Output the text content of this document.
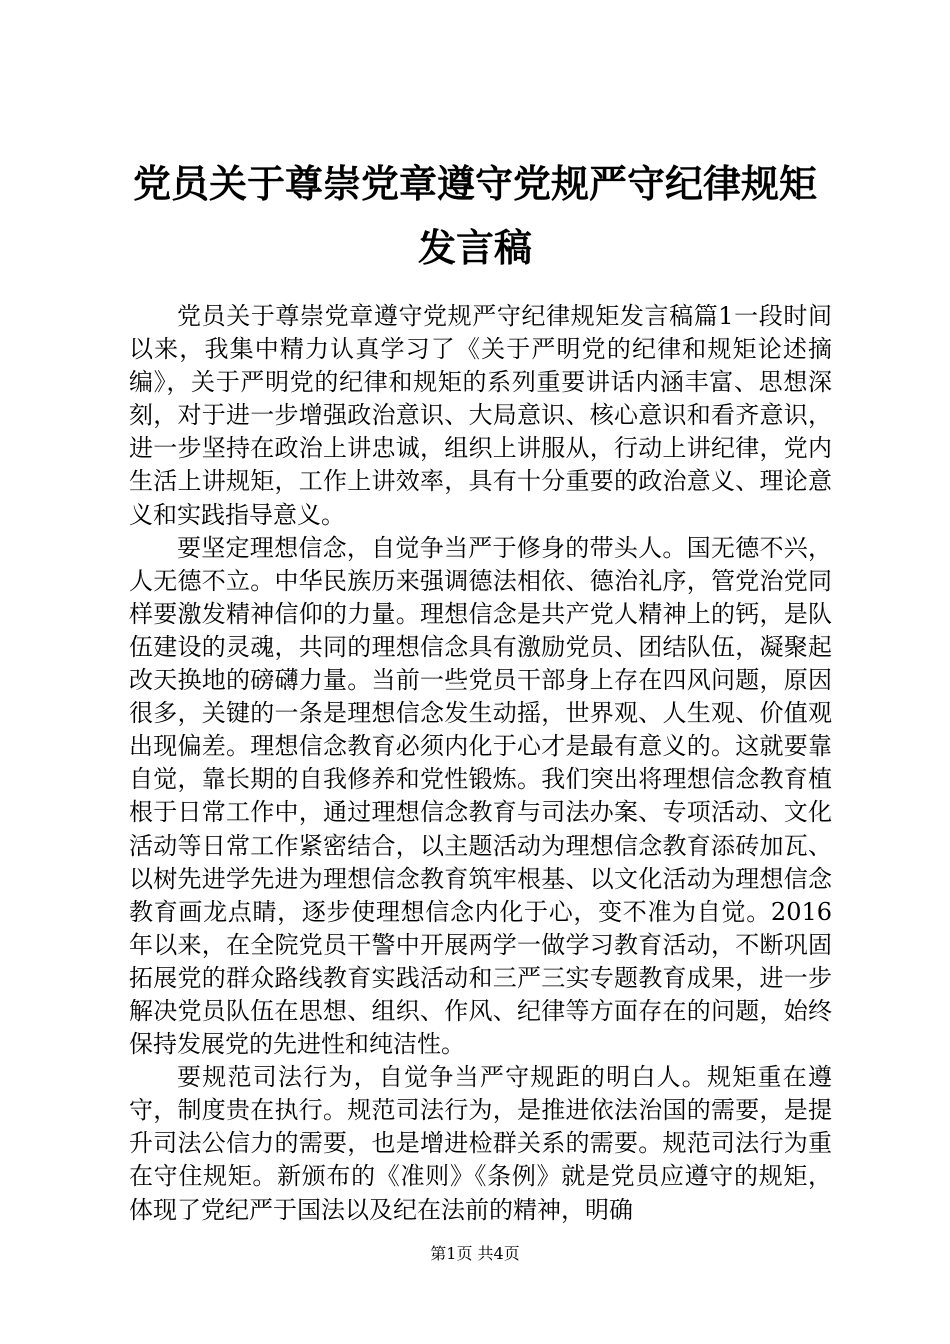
党员关于尊崇党章遵守党规严守纪律规矩发言稿

党员关于尊崇党章遵守党规严守纪律规矩发言稿篇1一段时间以来，我集中精力认真学习了《关于严明党的纪律和规矩论述摘编》，关于严明党的纪律和规矩的系列重要讲话内涵丰富、思想深刻，对于进一步增强政治意识、大局意识、核心意识和看齐意识，进一步坚持在政治上讲忠诚，组织上讲服从，行动上讲纪律，党内生活上讲规矩，工作上讲效率，具有十分重要的政治意义、理论意义和实践指导意义。

要坚定理想信念，自觉争当严于修身的带头人。国无德不兴，人无德不立。中华民族历来强调德法相依、德治礼序，管党治党同样要激发精神信仰的力量。理想信念是共产党人精神上的钙，是队伍建设的灵魂，共同的理想信念具有激励党员、团结队伍，凝聚起改天换地的磅礴力量。当前一些党员干部身上存在四风问题，原因很多，关键的一条是理想信念发生动摇，世界观、人生观、价值观出现偏差。理想信念教育必须内化于心才是最有意义的。这就要靠自觉，靠长期的自我修养和党性锻炼。我们突出将理想信念教育植根于日常工作中，通过理想信念教育与司法办案、专项活动、文化活动等日常工作紧密结合，以主题活动为理想信念教育添砖加瓦、以树先进学先进为理想信念教育筑牢根基、以文化活动为理想信念教育画龙点睛，逐步使理想信念内化于心，变不准为自觉。2016年以来，在全院党员干警中开展两学一做学习教育活动，不断巩固拓展党的群众路线教育实践活动和三严三实专题教育成果，进一步解决党员队伍在思想、组织、作风、纪律等方面存在的问题，始终保持发展党的先进性和纯洁性。

要规范司法行为，自觉争当严守规距的明白人。规矩重在遵守，制度贵在执行。规范司法行为，是推进依法治国的需要，是提升司法公信力的需要，也是增进检群关系的需要。规范司法行为重在守住规矩。新颁布的《准则》《条例》就是党员应遵守的规矩，体现了党纪严于国法以及纪在法前的精神，明确

第1页 共4页
